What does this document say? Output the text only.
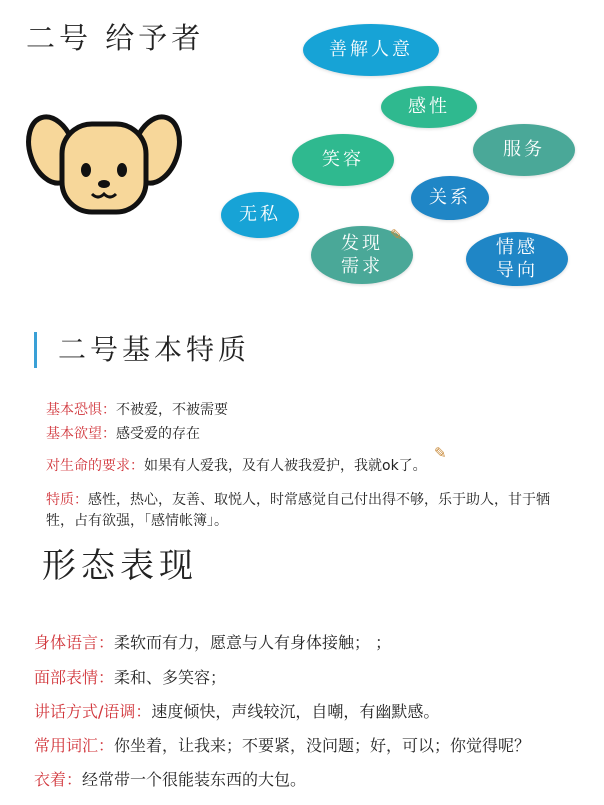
二号 给予者	善解人意
感性
服务
笑容
关系
无私
发现
需求
情感
导向
✎
二号基本特质
基本恐惧：不被爱，不被需要
基本欲望：感受爱的存在
对生命的要求：如果有人爱我，及有人被我爱护，我就ok了。
✎
特质：感性，热心，友善、取悦人，时常感觉自己付出得不够，乐于助人，甘于牺牲，占有欲强，「感情帐簿」。
形态表现
身体语言：柔软而有力，愿意与人有身体接触； ；
面部表情：柔和、多笑容；
讲话方式/语调：速度倾快，声线较沉，自嘲，有幽默感。
常用词汇：你坐着，让我来；不要紧，没问题；好，可以；你觉得呢？
衣着：经常带一个很能装东西的大包。
